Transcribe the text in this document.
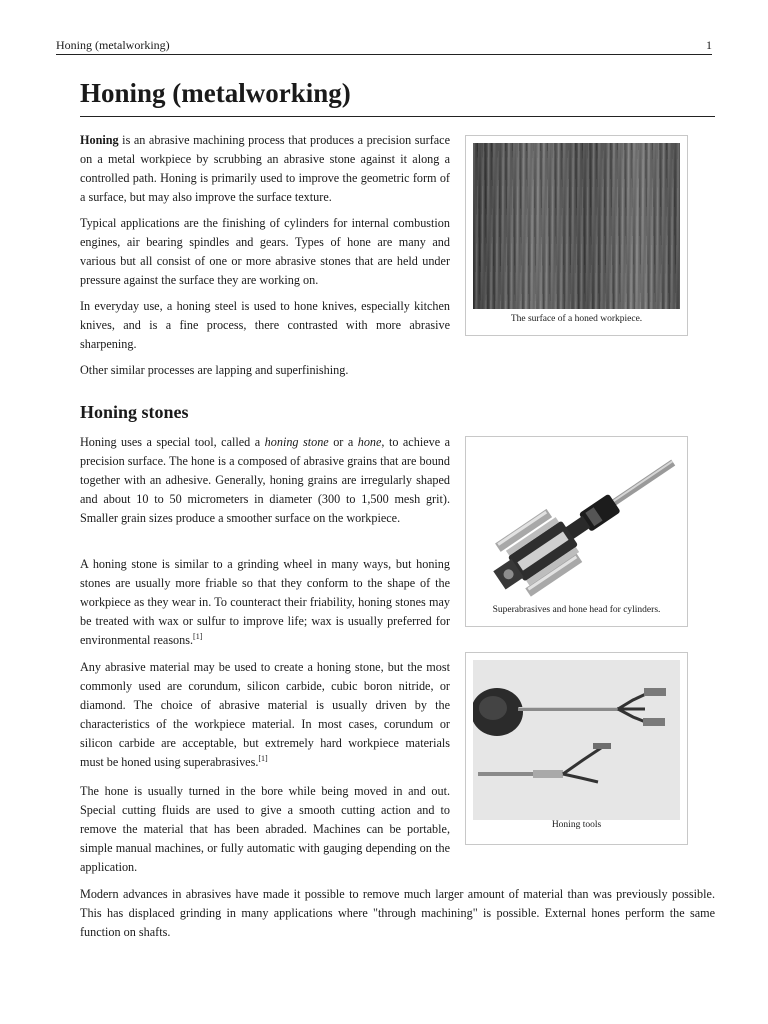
Honing (metalworking)	1
Honing (metalworking)

Honing is an abrasive machining process that produces a precision surface on a metal workpiece by scrubbing an abrasive stone against it along a controlled path. Honing is primarily used to improve the geometric form of a surface, but may also improve the surface texture.

Typical applications are the finishing of cylinders for internal combustion engines, air bearing spindles and gears. Types of hone are many and various but all consist of one or more abrasive stones that are held under pressure against the surface they are working on.

In everyday use, a honing steel is used to hone knives, especially kitchen knives, and is a fine process, there contrasted with more abrasive sharpening.

Other similar processes are lapping and superfinishing.

The surface of a honed workpiece.
Honing stones

Honing uses a special tool, called a honing stone or a hone, to achieve a precision surface. The hone is a composed of abrasive grains that are bound together with an adhesive. Generally, honing grains are irregularly shaped and about 10 to 50 micrometers in diameter (300 to 1,500 mesh grit). Smaller grain sizes produce a smoother surface on the workpiece.

A honing stone is similar to a grinding wheel in many ways, but honing stones are usually more friable so that they conform to the shape of the workpiece as they wear in. To counteract their friability, honing stones may be treated with wax or sulfur to improve life; wax is usually preferred for environmental reasons.[1]

Any abrasive material may be used to create a honing stone, but the most commonly used are corundum, silicon carbide, cubic boron nitride, or diamond. The choice of abrasive material is usually driven by the characteristics of the workpiece material. In most cases, corundum or silicon carbide are acceptable, but extremely hard workpiece materials must be honed using superabrasives.[1]

The hone is usually turned in the bore while being moved in and out. Special cutting fluids are used to give a smooth cutting action and to remove the material that has been abraded. Machines can be portable, simple manual machines, or fully automatic with gauging depending on the application.

Modern advances in abrasives have made it possible to remove much larger amount of material than was previously possible. This has displaced grinding in many applications where "through machining" is possible. External hones perform the same function on shafts.

Superabrasives and hone head for cylinders.
Honing tools
